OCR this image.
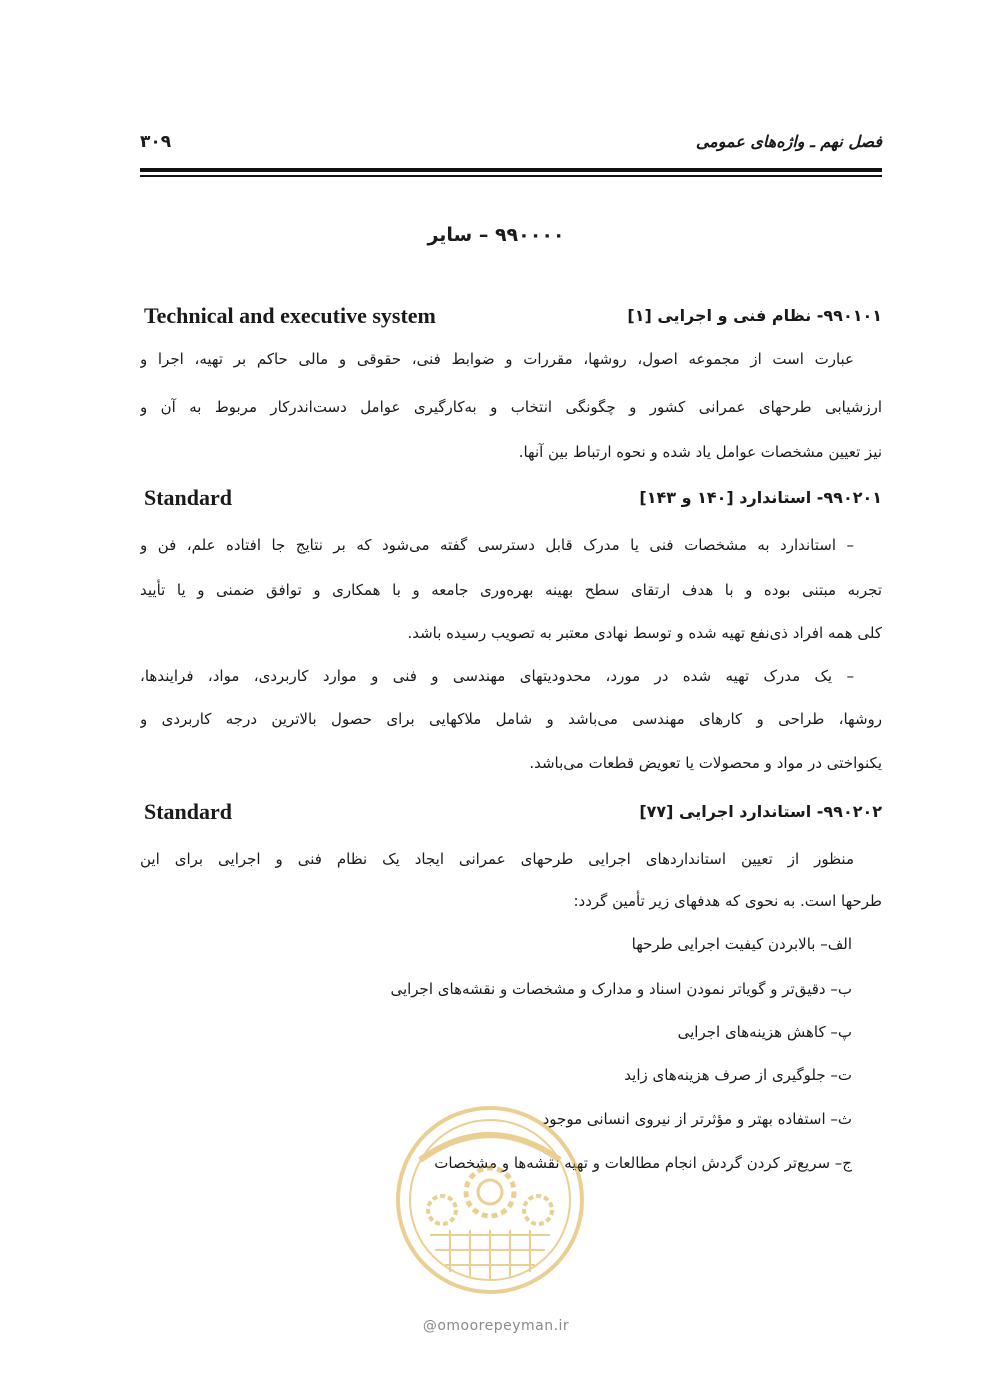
فصل نهم ـ واژه‌های عمومی
۳۰۹
۹۹۰۰۰۰ – سایر
۹۹۰۱۰۱- نظام فنی و اجرایی [۱]
Technical and executive system
عبارت است از مجموعه اصول، روشها، مقررات و ضوابط فنی، حقوقی و مالی حاکم بر تهیه، اجرا و
ارزشیابی طرحهای عمرانی کشور و چگونگی انتخاب و به‌کارگیری عوامل دست‌اندرکار مربوط به آن و
نیز تعیین مشخصات عوامل یاد شده و نحوه ارتباط بین آنها.
۹۹۰۲۰۱- استاندارد [۱۴۰ و ۱۴۳]
Standard
– استاندارد به مشخصات فنی یا مدرک قابل دسترسی گفته می‌شود که بر نتایج جا افتاده علم، فن و
تجربه مبتنی بوده و با هدف ارتقای سطح بهینه بهره‌وری جامعه و با همکاری و توافق ضمنی و یا تأیید
کلی همه افراد ذی‌نفع تهیه شده و توسط نهادی معتبر به تصویب رسیده باشد.
– یک مدرک تهیه شده در مورد، محدودیتهای مهندسی و فنی و موارد کاربردی، مواد، فرایندها،
روشها، طراحی و کارهای مهندسی می‌باشد و شامل ملاکهایی برای حصول بالاترین درجه کاربردی و
یکنواختی در مواد و محصولات یا تعویض قطعات می‌باشد.
۹۹۰۲۰۲- استاندارد اجرایی [۷۷]
Standard
منظور از تعیین استانداردهای اجرایی طرحهای عمرانی ایجاد یک نظام فنی و اجرایی برای این
طرحها است. به نحوی که هدفهای زیر تأمین گردد:
الف– بالابردن کیفیت اجرایی طرحها
ب– دقیق‌تر و گویاتر نمودن اسناد و مدارک و مشخصات و نقشه‌های اجرایی
پ– کاهش هزینه‌های اجرایی
ت– جلوگیری از صرف هزینه‌های زاید
ث– استفاده بهتر و مؤثرتر از نیروی انسانی موجود
ج– سریع‌تر کردن گردش انجام مطالعات و تهیه نقشه‌ها و مشخصات
@omoorepeyman.ir
